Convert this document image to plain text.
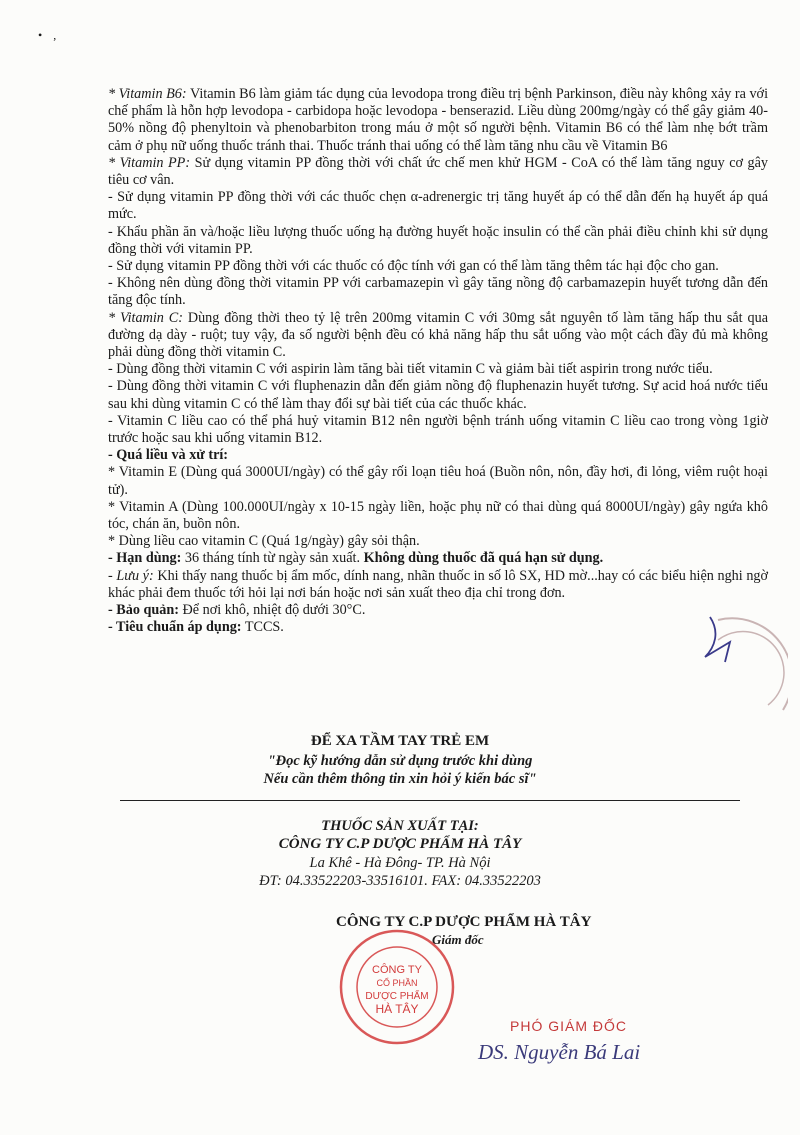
• ,

* Vitamin B6: Vitamin B6 làm giảm tác dụng của levodopa trong điều trị bệnh Parkinson, điều này không xảy ra với chế phẩm là hỗn hợp levodopa - carbidopa hoặc levodopa - benserazid. Liều dùng 200mg/ngày có thể gây giảm 40-50% nồng độ phenyltoin và phenobarbiton trong máu ở một số người bệnh. Vitamin B6 có thể làm nhẹ bớt trầm cảm ở phụ nữ uống thuốc tránh thai. Thuốc tránh thai uống có thể làm tăng nhu cầu về Vitamin B6

* Vitamin PP: Sử dụng vitamin PP đồng thời với chất ức chế men khử HGM - CoA có thể làm tăng nguy cơ gây tiêu cơ vân.

- Sử dụng vitamin PP đồng thời với các thuốc chẹn α-adrenergic trị tăng huyết áp có thể dẫn đến hạ huyết áp quá mức.

- Khẩu phần ăn và/hoặc liều lượng thuốc uống hạ đường huyết hoặc insulin có thể cần phải điều chỉnh khi sử dụng đồng thời với vitamin PP.

- Sử dụng vitamin PP đồng thời với các thuốc có độc tính với gan có thể làm tăng thêm tác hại độc cho gan.

- Không nên dùng đồng thời vitamin PP với carbamazepin vì gây tăng nồng độ carbamazepin huyết tương dẫn đến tăng độc tính.

* Vitamin C: Dùng đồng thời theo tỷ lệ trên 200mg vitamin C với 30mg sắt nguyên tố làm tăng hấp thu sắt qua đường dạ dày - ruột; tuy vậy, đa số người bệnh đều có khả năng hấp thu sắt uống vào một cách đầy đủ mà không phải dùng đồng thời vitamin C.

- Dùng đồng thời vitamin C với aspirin làm tăng bài tiết vitamin C và giảm bài tiết aspirin trong nước tiểu.

- Dùng đồng thời vitamin C với fluphenazin dẫn đến giảm nồng độ fluphenazin huyết tương. Sự acid hoá nước tiểu sau khi dùng vitamin C có thể làm thay đổi sự bài tiết của các thuốc khác.

- Vitamin C liều cao có thể phá huỷ vitamin B12 nên người bệnh tránh uống vitamin C liều cao trong vòng 1giờ trước hoặc sau khi uống vitamin B12.

- Quá liều và xử trí:

* Vitamin E (Dùng quá 3000UI/ngày) có thể gây rối loạn tiêu hoá (Buồn nôn, nôn, đầy hơi, đi lỏng, viêm ruột hoại tử).

* Vitamin A (Dùng 100.000UI/ngày x 10-15 ngày liền, hoặc phụ nữ có thai dùng quá 8000UI/ngày) gây ngứa khô tóc, chán ăn, buồn nôn.

* Dùng liều cao vitamin C (Quá 1g/ngày) gây sỏi thận.

- Hạn dùng: 36 tháng tính từ ngày sản xuất. Không dùng thuốc đã quá hạn sử dụng.

- Lưu ý: Khi thấy nang thuốc bị ẩm mốc, dính nang, nhãn thuốc in số lô SX, HD mờ...hay có các biểu hiện nghi ngờ khác phải đem thuốc tới hỏi lại nơi bán hoặc nơi sản xuất theo địa chỉ trong đơn.

- Bảo quản: Để nơi khô, nhiệt độ dưới 30°C.

- Tiêu chuẩn áp dụng: TCCS.

ĐỂ XA TẦM TAY TRẺ EM
"Đọc kỹ hướng dẫn sử dụng trước khi dùng
Nếu cần thêm thông tin xin hỏi ý kiến bác sĩ"
THUỐC SẢN XUẤT TẠI:
CÔNG TY C.P DƯỢC PHẨM HÀ TÂY
La Khê - Hà Đông- TP. Hà Nội
ĐT: 04.33522203-33516101. FAX: 04.33522203
CÔNG TY C.P DƯỢC PHẨM HÀ TÂY
Giám đốc
CÔNG TY
CỔ PHẦN
DƯỢC PHẨM
HÀ TÂY
PHÓ GIÁM ĐỐC
DS. Nguyễn Bá Lai
